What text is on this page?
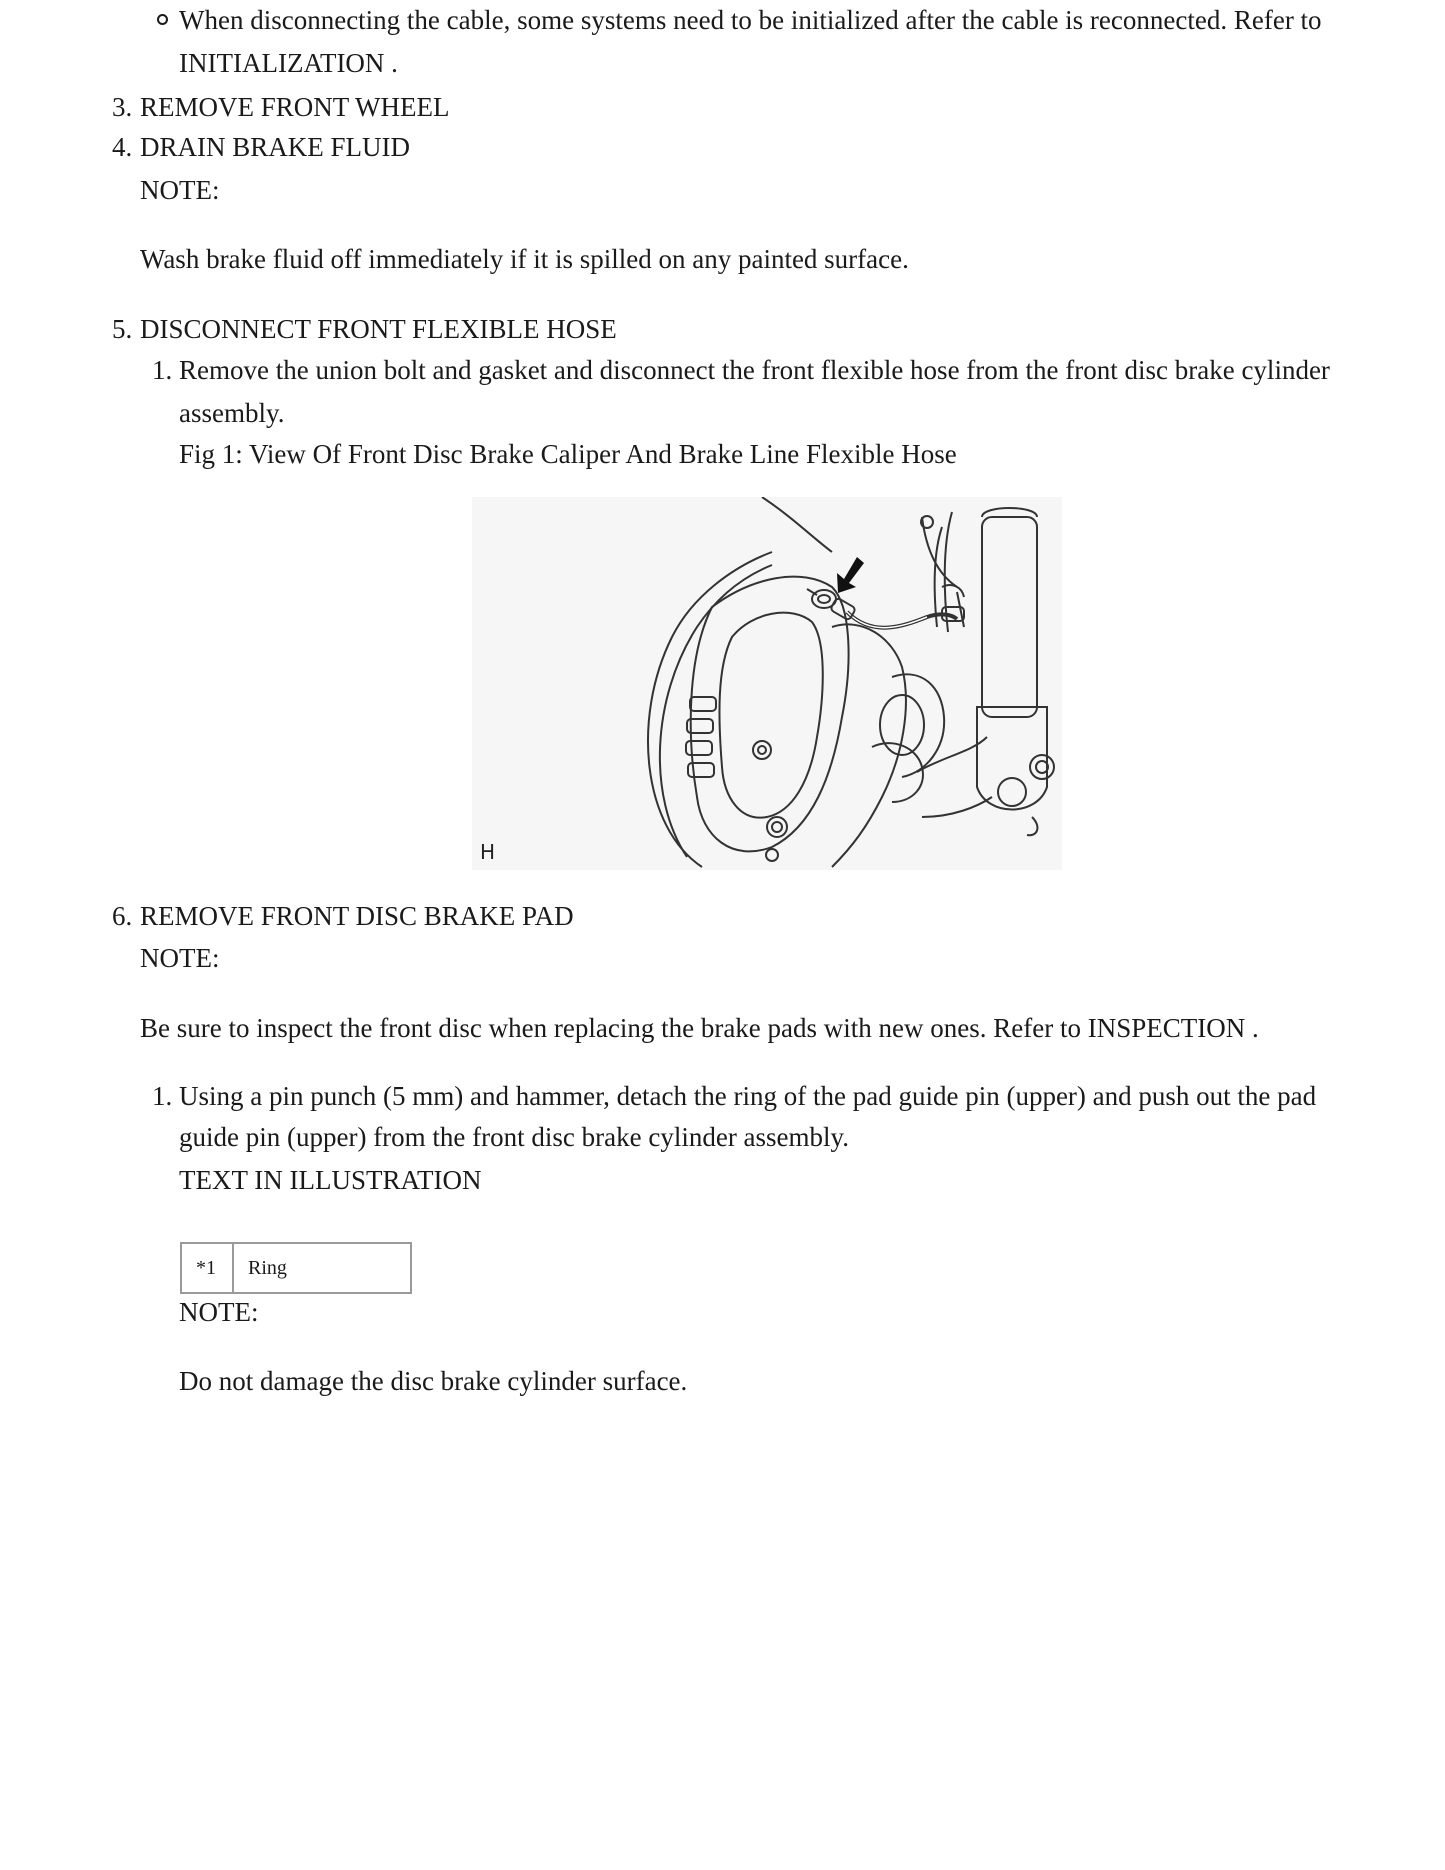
When disconnecting the cable, some systems need to be initialized after the cable is reconnected. Refer to
INITIALIZATION .
3. REMOVE FRONT WHEEL
4. DRAIN BRAKE FLUID
NOTE:
Wash brake fluid off immediately if it is spilled on any painted surface.
5. DISCONNECT FRONT FLEXIBLE HOSE
1. Remove the union bolt and gasket and disconnect the front flexible hose from the front disc brake cylinder
assembly.
Fig 1: View Of Front Disc Brake Caliper And Brake Line Flexible Hose
H
6. REMOVE FRONT DISC BRAKE PAD
NOTE:
Be sure to inspect the front disc when replacing the brake pads with new ones. Refer to INSPECTION .
1. Using a pin punch (5 mm) and hammer, detach the ring of the pad guide pin (upper) and push out the pad
guide pin (upper) from the front disc brake cylinder assembly.
TEXT IN ILLUSTRATION
*1	Ring
NOTE:
Do not damage the disc brake cylinder surface.
